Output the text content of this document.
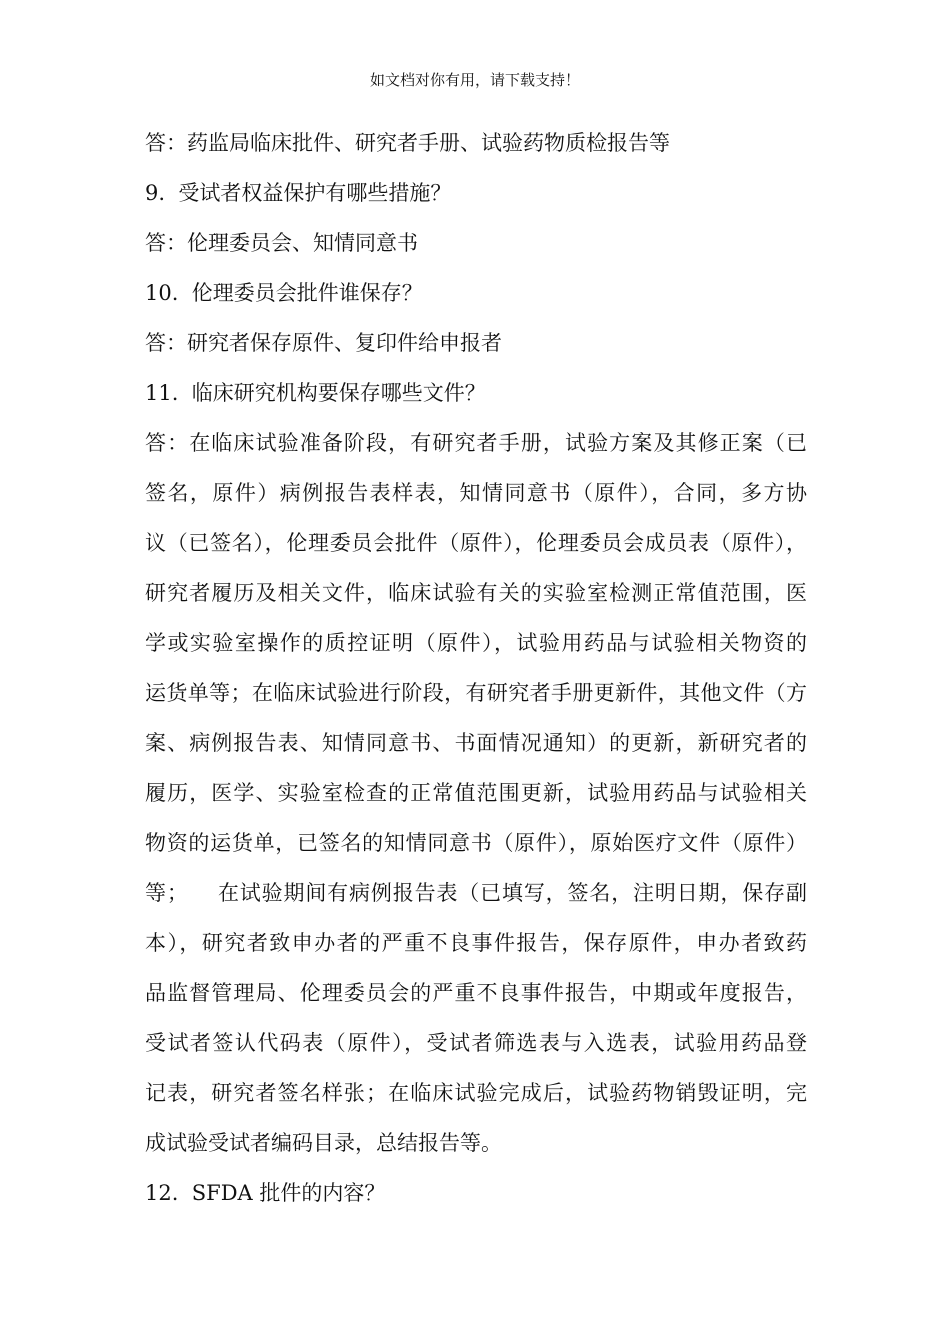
如文档对你有用，请下载支持！
答：药监局临床批件、研究者手册、试验药物质检报告等
9.  受试者权益保护有哪些措施？
答：伦理委员会、知情同意书
10.  伦理委员会批件谁保存？
答：研究者保存原件、复印件给申报者
11.  临床研究机构要保存哪些文件？
答：在临床试验准备阶段，有研究者手册，试验方案及其修正案（已
签名，原件）病例报告表样表，知情同意书（原件），合同，多方协
议（已签名），伦理委员会批件（原件），伦理委员会成员表（原件），
研究者履历及相关文件，临床试验有关的实验室检测正常值范围，医
学或实验室操作的质控证明（原件），试验用药品与试验相关物资的
运货单等；在临床试验进行阶段，有研究者手册更新件，其他文件（方
案、病例报告表、知情同意书、书面情况通知）的更新，新研究者的
履历，医学、实验室检查的正常值范围更新，试验用药品与试验相关
物资的运货单，已签名的知情同意书（原件），原始医疗文件（原件）
等；    在试验期间有病例报告表（已填写，签名，注明日期，保存副
本），研究者致申办者的严重不良事件报告，保存原件，申办者致药
品监督管理局、伦理委员会的严重不良事件报告，中期或年度报告，
受试者签认代码表（原件），受试者筛选表与入选表，试验用药品登
记表，研究者签名样张；在临床试验完成后，试验药物销毁证明，完
成试验受试者编码目录，总结报告等。
12.  SFDA 批件的内容？
